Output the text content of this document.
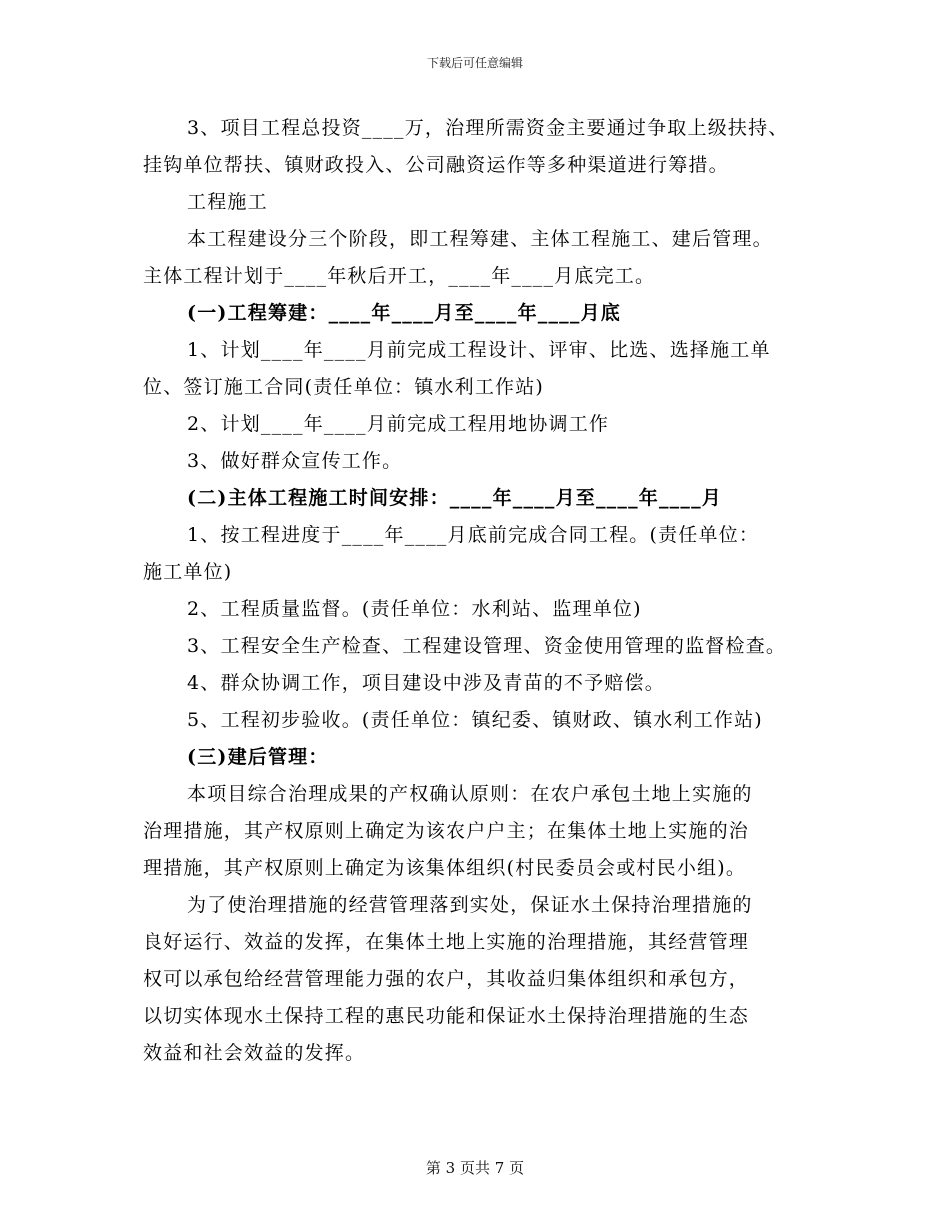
下载后可任意编辑
3、项目工程总投资____万，治理所需资金主要通过争取上级扶持、
挂钩单位帮扶、镇财政投入、公司融资运作等多种渠道进行筹措。
工程施工
本工程建设分三个阶段，即工程筹建、主体工程施工、建后管理。
主体工程计划于____年秋后开工，____年____月底完工。
(一)工程筹建：____年____月至____年____月底
1、计划____年____月前完成工程设计、评审、比选、选择施工单
位、签订施工合同(责任单位：镇水利工作站)
2、计划____年____月前完成工程用地协调工作
3、做好群众宣传工作。
(二)主体工程施工时间安排：____年____月至____年____月
1、按工程进度于____年____月底前完成合同工程。(责任单位：
施工单位)
2、工程质量监督。(责任单位：水利站、监理单位)
3、工程安全生产检查、工程建设管理、资金使用管理的监督检查。
4、群众协调工作，项目建设中涉及青苗的不予赔偿。
5、工程初步验收。(责任单位：镇纪委、镇财政、镇水利工作站)
(三)建后管理：
本项目综合治理成果的产权确认原则：在农户承包土地上实施的
治理措施，其产权原则上确定为该农户户主；在集体土地上实施的治
理措施，其产权原则上确定为该集体组织(村民委员会或村民小组)。
为了使治理措施的经营管理落到实处，保证水土保持治理措施的
良好运行、效益的发挥，在集体土地上实施的治理措施，其经营管理
权可以承包给经营管理能力强的农户，其收益归集体组织和承包方，
以切实体现水土保持工程的惠民功能和保证水土保持治理措施的生态
效益和社会效益的发挥。
第 3 页共 7 页
